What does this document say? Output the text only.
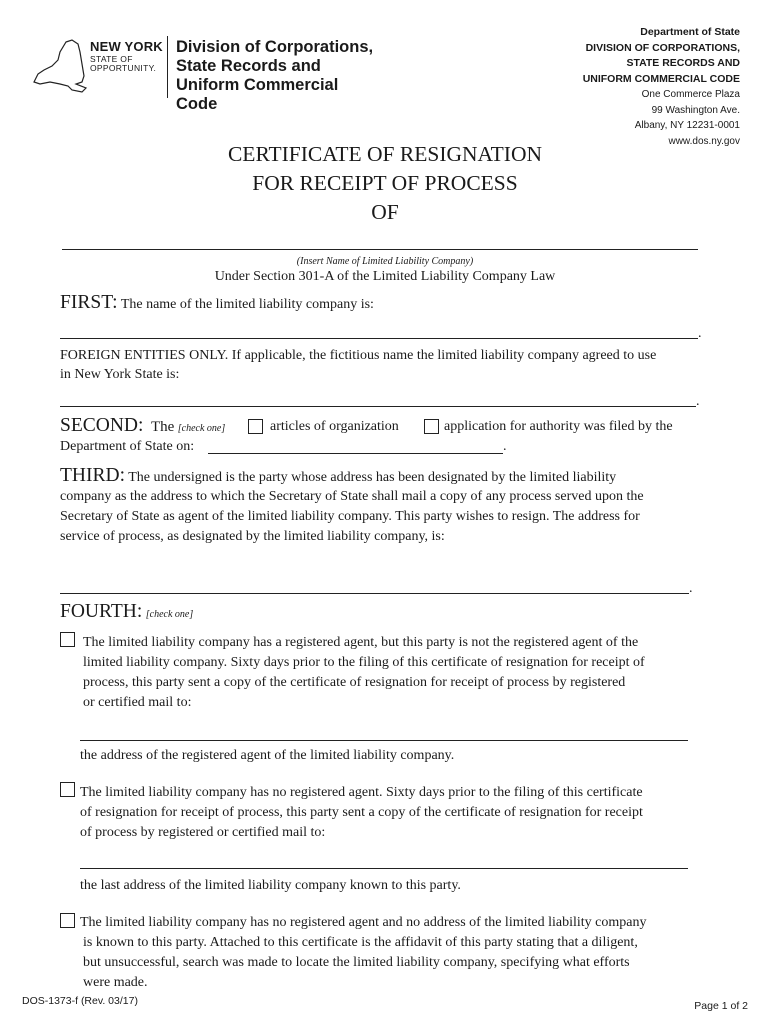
NEW YORK
STATE OF
OPPORTUNITY.
Division of Corporations,
State Records and
Uniform Commercial Code
Department of State
DIVISION OF CORPORATIONS,
STATE RECORDS AND
UNIFORM COMMERCIAL CODE
One Commerce Plaza
99 Washington Ave.
Albany, NY 12231-0001
www.dos.ny.gov
CERTIFICATE OF RESIGNATION
FOR RECEIPT OF PROCESS
OF
(Insert Name of Limited Liability Company)
Under Section 301-A of the Limited Liability Company Law
FIRST: The name of the limited liability company is:
.
FOREIGN ENTITIES ONLY. If applicable, the fictitious name the limited liability company agreed to use
in New York State is:
.
SECOND: The [check one]	articles of organization	application for authority was filed by the
Department of State on:	.
THIRD: The undersigned is the party whose address has been designated by the limited liability
company as the address to which the Secretary of State shall mail a copy of any process served upon the
Secretary of State as agent of the limited liability company. This party wishes to resign. The address for
service of process, as designated by the limited liability company, is:
.
FOURTH: [check one]
The limited liability company has a registered agent, but this party is not the registered agent of the
limited liability company. Sixty days prior to the filing of this certificate of resignation for receipt of
process, this party sent a copy of the certificate of resignation for receipt of process by registered
or certified mail to:
the address of the registered agent of the limited liability company.
The limited liability company has no registered agent. Sixty days prior to the filing of this certificate
of resignation for receipt of process, this party sent a copy of the certificate of resignation for receipt
of process by registered or certified mail to:
the last address of the limited liability company known to this party.
The limited liability company has no registered agent and no address of the limited liability company
is known to this party. Attached to this certificate is the affidavit of this party stating that a diligent,
but unsuccessful, search was made to locate the limited liability company, specifying what efforts
were made.
DOS-1373-f (Rev. 03/17)	Page 1 of 2
